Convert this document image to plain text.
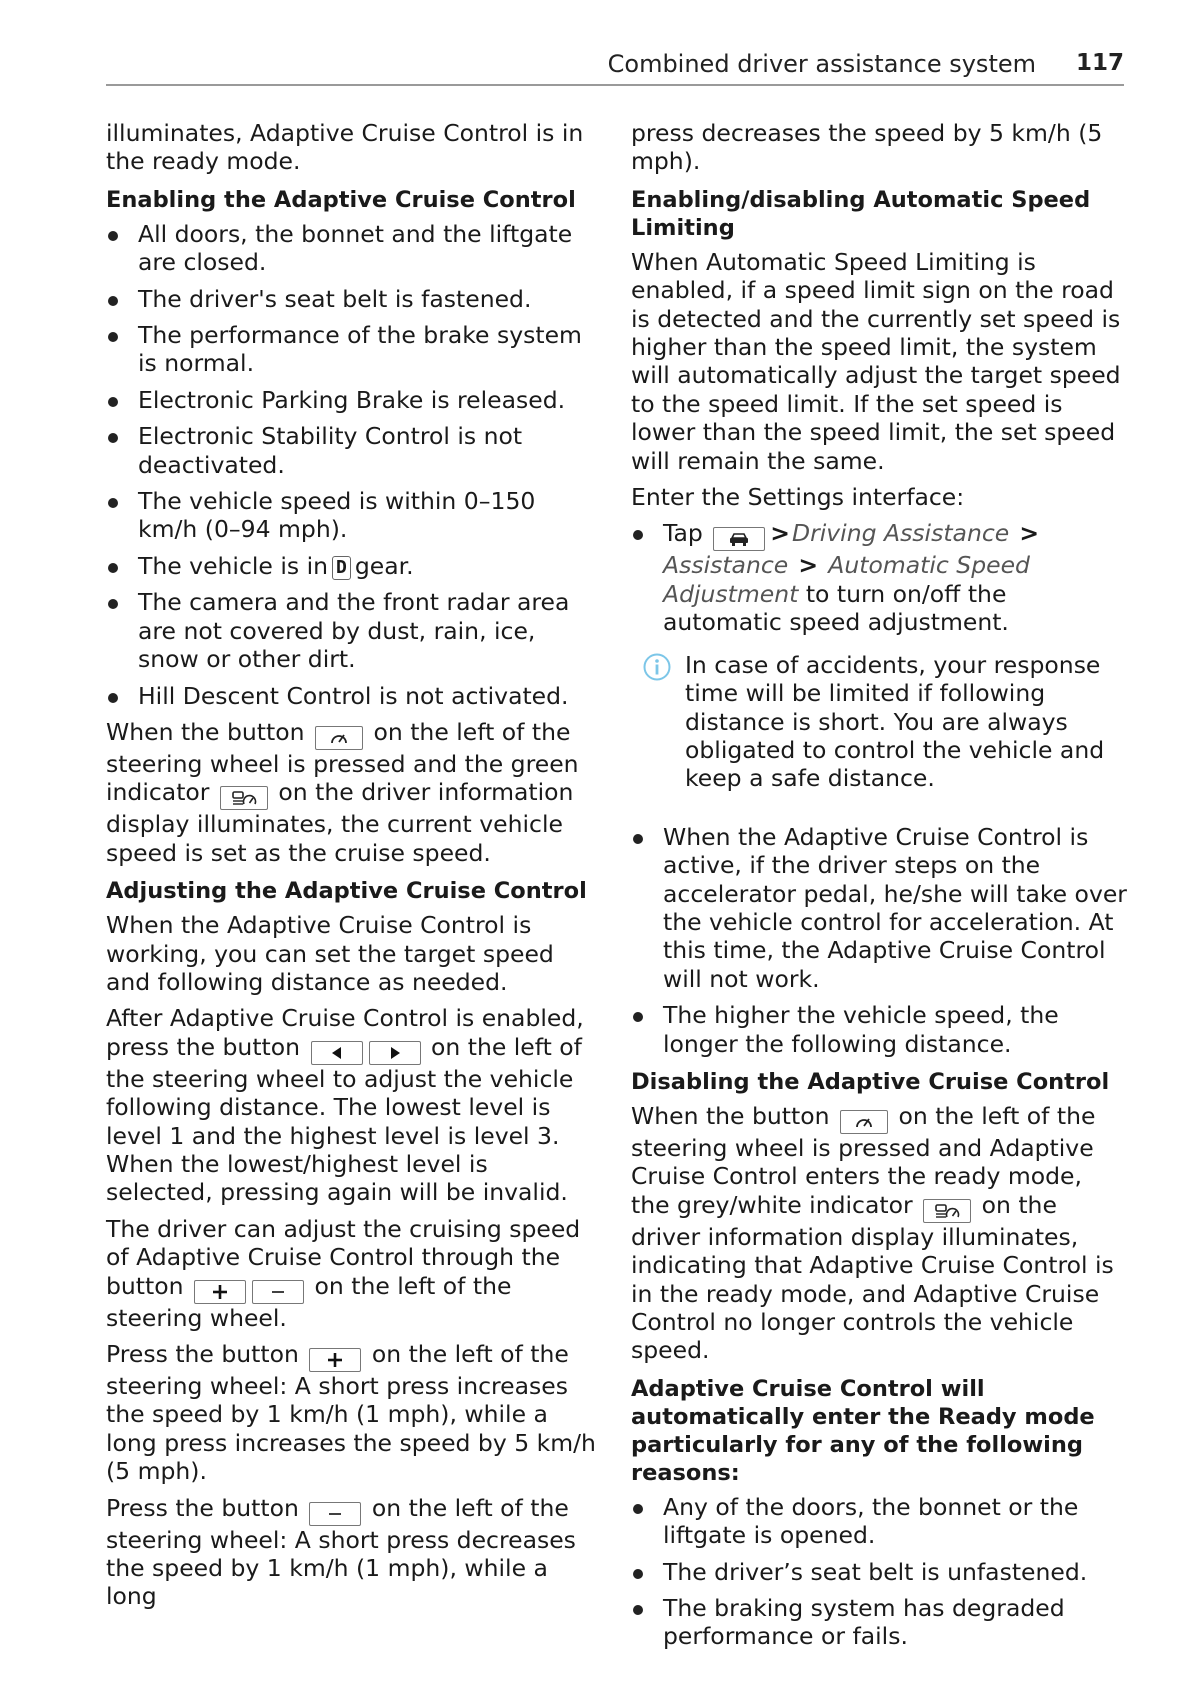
Combined driver assistance system 117

illuminates, Adaptive Cruise Control is in the ready mode.

Enabling the Adaptive Cruise Control
All doors, the bonnet and the liftgate are closed.
The driver's seat belt is fastened.
The performance of the brake system is normal.
Electronic Parking Brake is released.
Electronic Stability Control is not deactivated.
The vehicle speed is within 0–150 km/h (0–94 mph).
The vehicle is in D gear.
The camera and the front radar area are not covered by dust, rain, ice, snow or other dirt.
Hill Descent Control is not activated.

When the button	on the left of the steering wheel is pressed and the green indicator	on the driver information display illuminates, the current vehicle speed is set as the cruise speed.

Adjusting the Adaptive Cruise Control

When the Adaptive Cruise Control is working, you can set the target speed and following distance as needed.

After Adaptive Cruise Control is enabled, press the button	on the left of the steering wheel to adjust the vehicle following distance. The lowest level is level 1 and the highest level is level 3. When the lowest/highest level is selected, pressing again will be invalid.

The driver can adjust the cruising speed of Adaptive Cruise Control through the button	on the left of the steering wheel.

Press the button	on the left of the steering wheel: A short press increases the speed by 1 km/h (1 mph), while a long press increases the speed by 5 km/h (5 mph).

Press the button	on the left of the steering wheel: A short press decreases the speed by 1 km/h (1 mph), while a long

press decreases the speed by 5 km/h (5 mph).

Enabling/disabling Automatic Speed Limiting

When Automatic Speed Limiting is enabled, if a speed limit sign on the road is detected and the currently set speed is higher than the speed limit, the system will automatically adjust the target speed to the speed limit. If the set speed is lower than the speed limit, the set speed will remain the same.

Enter the Settings interface:

Tap	>Driving Assistance > Assistance > Automatic Speed Adjustment to turn on/off the automatic speed adjustment.
In case of accidents, your response time will be limited if following distance is short. You are always obligated to control the vehicle and keep a safe distance.
When the Adaptive Cruise Control is active, if the driver steps on the accelerator pedal, he/she will take over the vehicle control for acceleration. At this time, the Adaptive Cruise Control will not work.
The higher the vehicle speed, the longer the following distance.
Disabling the Adaptive Cruise Control

When the button	on the left of the steering wheel is pressed and Adaptive Cruise Control enters the ready mode, the grey/white indicator	on the driver information display illuminates, indicating that Adaptive Cruise Control is in the ready mode, and Adaptive Cruise Control no longer controls the vehicle speed.

Adaptive Cruise Control will automatically enter the Ready mode particularly for any of the following reasons:
Any of the doors, the bonnet or the liftgate is opened.
The driver’s seat belt is unfastened.
The braking system has degraded performance or fails.
